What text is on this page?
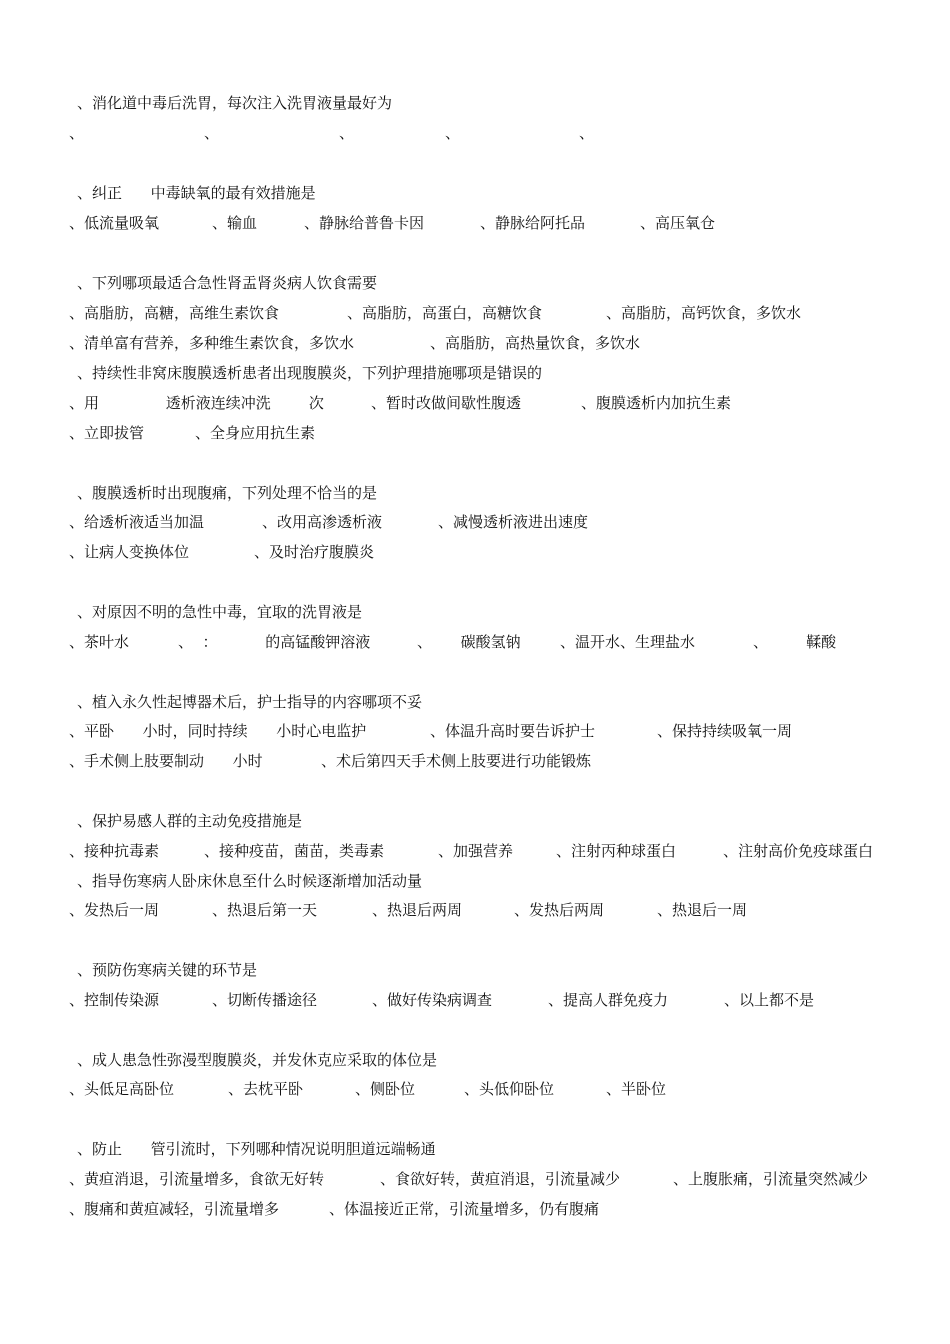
、消化道中毒后洗胃，每次注入洗胃液量最好为

、

	、

	、

	、

	、

、纠正      中毒缺氧的最有效措施是

、低流量吸氧

	、输血

	、静脉给普鲁卡因

	、静脉给阿托品

	、高压氧仓

、下列哪项最适合急性肾盂肾炎病人饮食需要

、高脂肪，高糖，高维生素饮食

	、高脂肪，高蛋白，高糖饮食

	、高脂肪，高钙饮食，多饮水

、清单富有营养，多种维生素饮食，多饮水

	、高脂肪，高热量饮食，多饮水

、持续性非窝床腹膜透析患者出现腹膜炎，下列护理措施哪项是错误的

、用              透析液连续冲洗        次

	、暂时改做间歇性腹透

	、腹膜透析内加抗生素

、立即拔管

	、全身应用抗生素

、腹膜透析时出现腹痛，下列处理不恰当的是

、给透析液适当加温

	、改用高渗透析液

	、减慢透析液进出速度

、让病人变换体位

	、及时治疗腹膜炎

、对原因不明的急性中毒，宜取的洗胃液是

、茶叶水

	、  ：          的高锰酸钾溶液

	、      碳酸氢钠

	、温开水、生理盐水

	、        鞣酸

、植入永久性起博器术后，护士指导的内容哪项不妥

、平卧      小时，同时持续      小时心电监护

	、体温升高时要告诉护士

	、保持持续吸氧一周

、手术侧上肢要制动      小时

	、术后第四天手术侧上肢要进行功能锻炼

、保护易感人群的主动免疫措施是

、接种抗毒素

	、接种疫苗，菌苗，类毒素

	、加强营养

	、注射丙种球蛋白

	、注射高价免疫球蛋白

、指导伤寒病人卧床休息至什么时候逐渐增加活动量

、发热后一周

	、热退后第一天

	、热退后两周

	、发热后两周

	、热退后一周

、预防伤寒病关键的环节是

、控制传染源

	、切断传播途径

	、做好传染病调查

	、提高人群免疫力

	、以上都不是

、成人患急性弥漫型腹膜炎，并发休克应采取的体位是

、头低足高卧位

	、去枕平卧

	、侧卧位

	、头低仰卧位

	、半卧位

、防止      管引流时，下列哪种情况说明胆道远端畅通

、黄疸消退，引流量增多，食欲无好转

	、食欲好转，黄疸消退，引流量减少

	、上腹胀痛，引流量突然减少

、腹痛和黄疸减轻，引流量增多

	、体温接近正常，引流量增多，仍有腹痛
